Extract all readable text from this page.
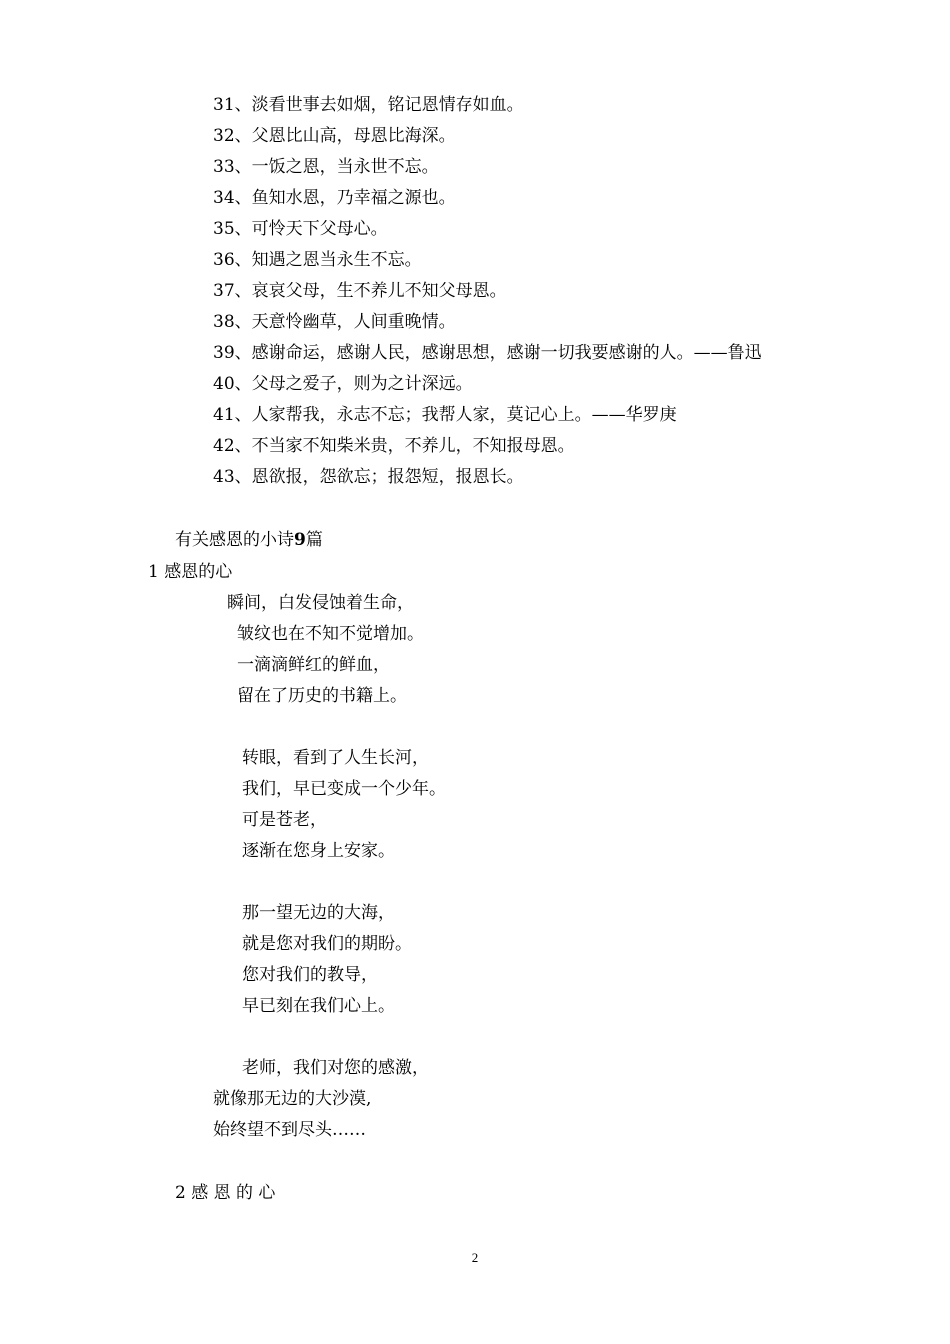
31、淡看世事去如烟，铭记恩情存如血。
32、父恩比山高，母恩比海深。
33、一饭之恩，当永世不忘。
34、鱼知水恩，乃幸福之源也。
35、可怜天下父母心。
36、知遇之恩当永生不忘。
37、哀哀父母，生不养儿不知父母恩。
38、天意怜幽草，人间重晚情。
39、感谢命运，感谢人民，感谢思想，感谢一切我要感谢的人。——鲁迅
40、父母之爱子，则为之计深远。
41、人家帮我，永志不忘；我帮人家，莫记心上。——华罗庚
42、不当家不知柴米贵，不养儿，不知报母恩。
43、恩欲报，怨欲忘；报怨短，报恩长。
有关感恩的小诗9篇
1 感恩的心
瞬间，白发侵蚀着生命，
皱纹也在不知不觉增加。
一滴滴鲜红的鲜血，
留在了历史的书籍上。
转眼，看到了人生长河，
我们，早已变成一个少年。
可是苍老，
逐渐在您身上安家。
那一望无边的大海，
就是您对我们的期盼。
您对我们的教导，
早已刻在我们心上。
老师，我们对您的感激，
就像那无边的大沙漠,
始终望不到尽头……
2 感 恩 的 心
2
